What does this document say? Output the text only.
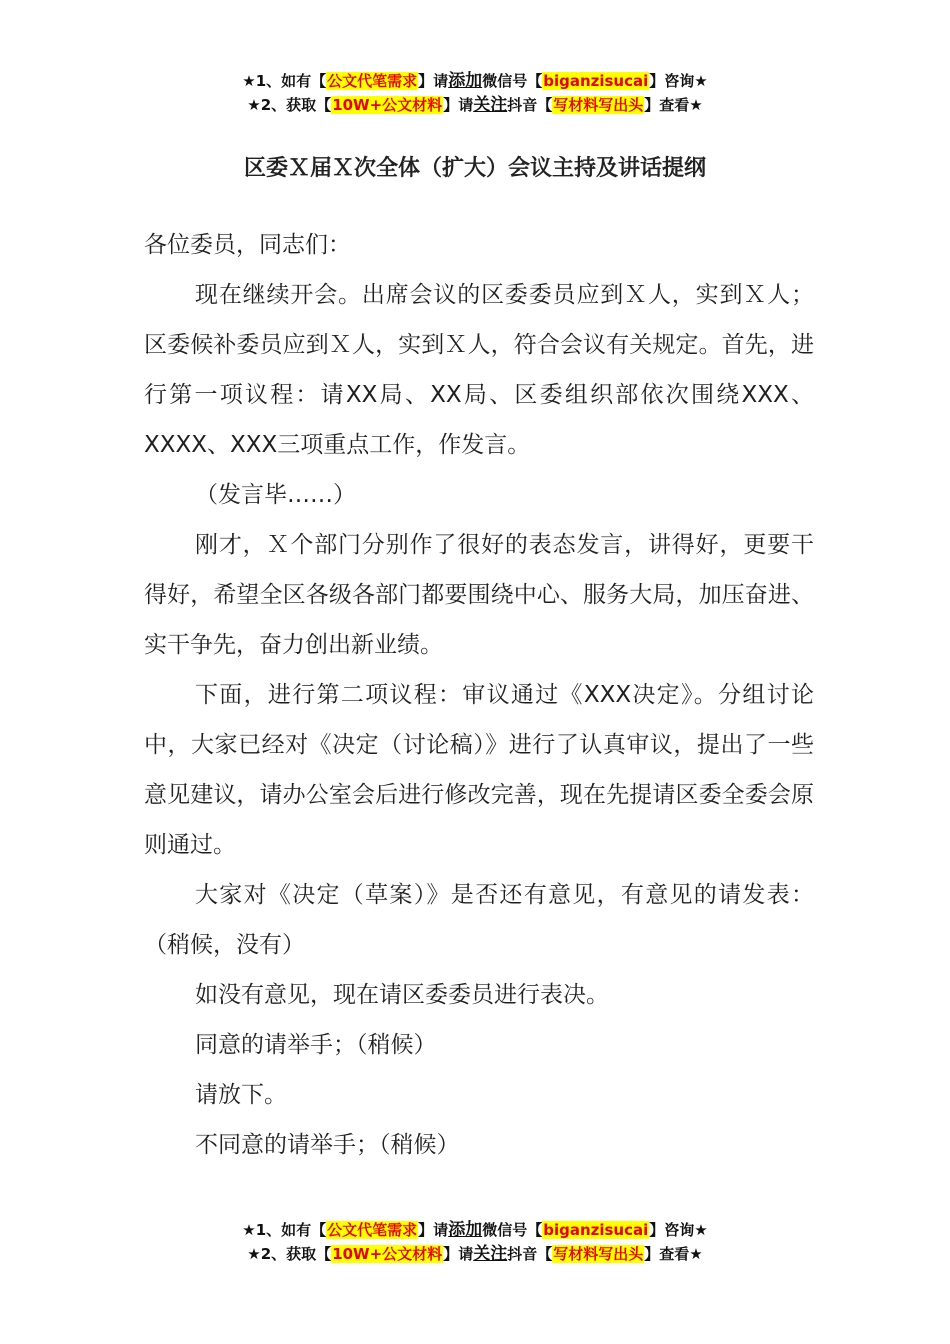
★1、如有【公文代笔需求】请添加微信号【biganzisucai】咨询★
★2、获取【10W+公文材料】请关注抖音【写材料写出头】查看★
区委Ｘ届Ｘ次全体（扩大）会议主持及讲话提纲

各位委员，同志们：

现在继续开会。出席会议的区委委员应到Ｘ人，实到Ｘ人；区委候补委员应到Ｘ人，实到Ｘ人，符合会议有关规定。首先，进行第一项议程：请XX局、XX局、区委组织部依次围绕XXX、XXXX、XXX三项重点工作，作发言。

（发言毕……）

刚才，Ｘ个部门分别作了很好的表态发言，讲得好，更要干得好，希望全区各级各部门都要围绕中心、服务大局，加压奋进、实干争先，奋力创出新业绩。

下面，进行第二项议程：审议通过《XXX决定》。分组讨论中，大家已经对《决定（讨论稿）》进行了认真审议，提出了一些意见建议，请办公室会后进行修改完善，现在先提请区委全委会原则通过。

大家对《决定（草案）》是否还有意见，有意见的请发表：（稍候，没有）

如没有意见，现在请区委委员进行表决。

同意的请举手；（稍候）

请放下。

不同意的请举手；（稍候）

★1、如有【公文代笔需求】请添加微信号【biganzisucai】咨询★
★2、获取【10W+公文材料】请关注抖音【写材料写出头】查看★
